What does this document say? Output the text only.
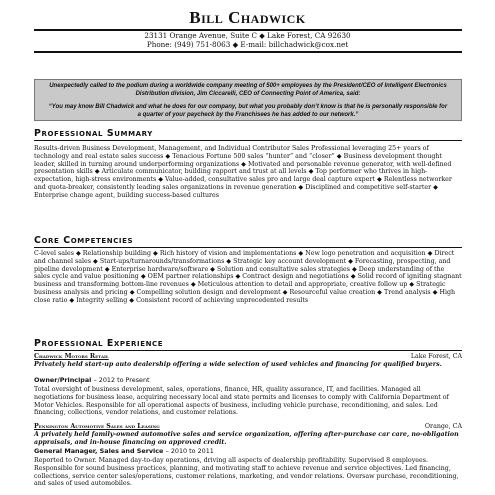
Bill Chadwick
23131 Orange Avenue, Suite C ◆ Lake Forest, CA 92630
Phone: (949) 751-8063 ◆ E-mail: billchadwick@cox.net

Unexpectedly called to the podium during a worldwide company meeting of 500+ employees by the President/CEO of Intelligent Electronics Distribution division, Jim Ciccarelli, CEO of Connecting Point of America, said:

“You may know Bill Chadwick and what he does for our company, but what you probably don’t know is that he is personally responsible for a quarter of your paycheck by the Franchisees he has added to our network.”

Professional Summary
Results-driven Business Development, Management, and Individual Contributor Sales Professional leveraging 25+ years of technology and real estate sales success ◆ Tenacious Fortune 500 sales “hunter” and “closer” ◆ Business development thought leader, skilled in turning around underperforming organizations ◆ Motivated and personable revenue generator, with well-defined presentation skills ◆ Articulate communicator, building rapport and trust at all levels ◆ Top performer who thrives in high-expectation, high-stress environments ◆ Value-added, consultative sales pro and large deal capture expert ◆ Relentless networker and quota-breaker, consistently leading sales organizations in revenue generation ◆ Disciplined and competitive self-starter ◆ Enterprise change agent, building success-based cultures
Core Competencies
C-level sales ◆ Relationship building ◆ Rich history of vision and implementations ◆ New logo penetration and acquisition ◆ Direct and channel sales ◆ Start-ups/turnarounds/transformations ◆ Strategic key account development ◆ Forecasting, prospecting, and pipeline development ◆ Enterprise hardware/software ◆ Solution and consultative sales strategies ◆ Deep understanding of the sales cycle and value positioning ◆ OEM partner relationships ◆ Contract design and negotiations ◆ Solid record of igniting stagnant business and transforming bottom-line revenues ◆ Meticulous attention to detail and appropriate, creative follow up ◆ Strategic business analysis and pricing ◆ Compelling solution design and development ◆ Resourceful value creation ◆ Trend analysis ◆ High close ratio ◆ Integrity selling ◆ Consistent record of achieving unprecedented results
Professional Experience
Chadwick Motors Retail	Lake Forest, CA
Privately held start-up auto dealership offering a wide selection of used vehicles and financing for qualified buyers.
Owner/Principal – 2012 to Present
Total oversight of business development, sales, operations, finance, HR, quality assurance, IT, and facilities. Managed all negotiations for business lease, acquiring necessary local and state permits and licenses to comply with California Department of Motor Vehicles. Responsible for all operational aspects of business, including vehicle purchase, reconditioning, and sales. Led financing, collections, vendor relations, and customer relations.
Pennington Automotive Sales and Leasing	Orange, CA
A privately held family-owned automotive sales and service organization, offering after-purchase car care, no-obligation appraisals, and in-house financing on approved credit.
General Manager, Sales and Service – 2010 to 2011
Reported to Owner. Managed day-to-day operations, driving all aspects of dealership profitability. Supervised 8 employees. Responsible for sound business practices, planning, and motivating staff to achieve revenue and service objectives. Led financing, collections, service center sales/operations, customer relations, marketing, and vendor relations. Oversaw purchase, reconditioning, and sales of used automobiles.
